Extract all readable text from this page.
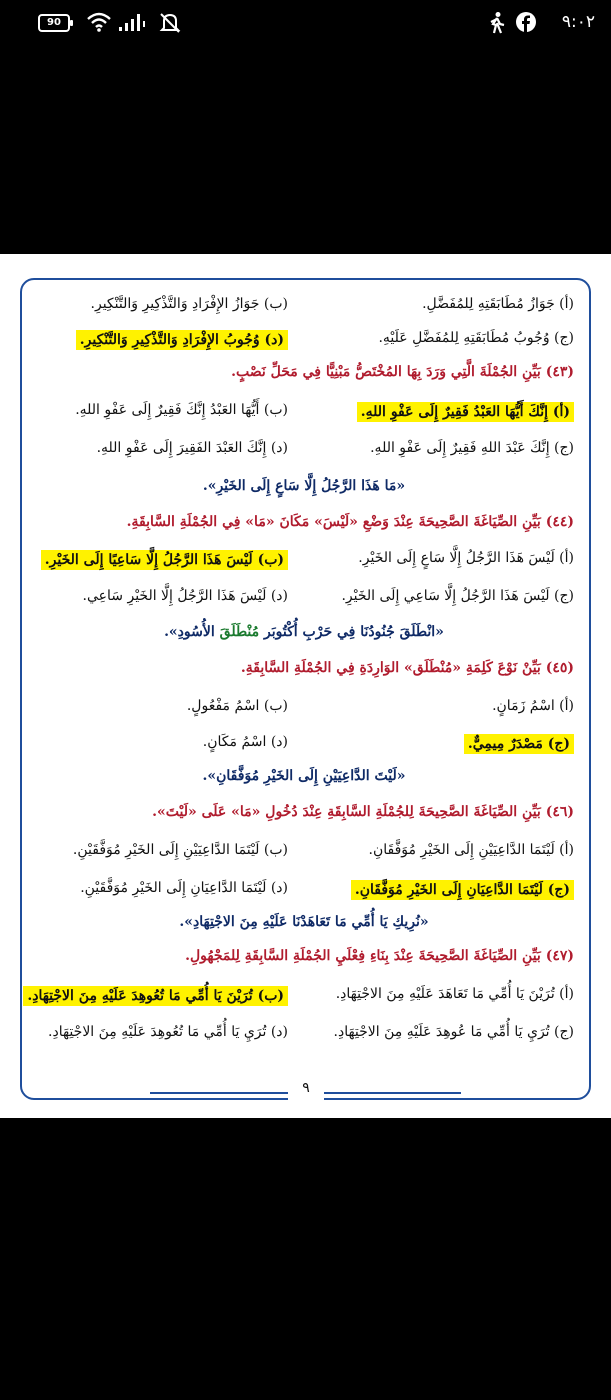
90	٩:٠٢
(أ) جَوَازُ مُطَابَقَتِهِ لِلمُفَضَّلِ.
(ب) جَوَازُ الإِفْرَادِ وَالتَّذْكِيرِ وَالتَّنْكِيرِ.
(ج) وُجُوبُ مُطَابَقَتِهِ لِلمُفَضَّلِ عَلَيْهِ.
(د) وُجُوبُ الإِفْرَادِ وَالتَّذْكِيرِ وَالتَّنْكِيرِ.
(٤٣) بَيِّنِ الجُمْلَةَ الَّتِي وَرَدَ بِهَا المُخْتَصُّ مَبْنِيًّا فِي مَحَلِّ نَصْبٍ.
(أ) إِنَّكَ أَيُّهَا العَبْدُ فَقِيرٌ إِلَى عَفْوِ اللهِ.
(ب) أَيُّهَا العَبْدُ إِنَّكَ فَقِيرٌ إِلَى عَفْوِ اللهِ.
(ج) إِنَّكَ عَبْدَ اللهِ فَقِيرٌ إِلَى عَفْوِ اللهِ.
(د) إِنَّكَ العَبْدَ الفَقِيرَ إِلَى عَفْوِ اللهِ.
«مَا هَذَا الرَّجُلُ إِلَّا سَاعٍ إِلَى الخَيْرِ».
(٤٤) بَيِّنِ الصِّيَاغَةَ الصَّحِيحَةَ عِنْدَ وَضْعِ «لَيْسَ» مَكَانَ «مَا» فِي الجُمْلَةِ السَّابِقَةِ.
(أ) لَيْسَ هَذَا الرَّجُلُ إِلَّا سَاعٍ إِلَى الخَيْرِ.
(ب) لَيْسَ هَذَا الرَّجُلُ إِلَّا سَاعِيًا إِلَى الخَيْرِ.
(ج) لَيْسَ هَذَا الرَّجُلُ إِلَّا سَاعِي إِلَى الخَيْرِ.
(د) لَيْسَ هَذَا الرَّجُلُ إِلَّا الخَيْرِ سَاعِي.
«انْطَلَقَ جُنُودُنَا فِي حَرْبِ أُكْتُوبَر مُنْطَلَقَ الأُسُودِ».
(٤٥) بَيِّنْ نَوْعَ كَلِمَةِ «مُنْطَلَق» الوَارِدَةِ فِي الجُمْلَةِ السَّابِقَةِ.
(أ) اسْمُ زَمَانٍ.
(ب) اسْمُ مَفْعُولٍ.
(ج) مَصْدَرٌ مِيمِيٌّ.
(د) اسْمُ مَكَانٍ.
«لَيْتَ الدَّاعِيَيْنِ إِلَى الخَيْرِ مُوَفَّقَانِ».
(٤٦) بَيِّنِ الصِّيَاغَةَ الصَّحِيحَةَ لِلجُمْلَةِ السَّابِقَةِ عِنْدَ دُخُولِ «مَا» عَلَى «لَيْتَ».
(أ) لَيْتَمَا الدَّاعِيَيْنِ إِلَى الخَيْرِ مُوَفَّقَانِ.
(ب) لَيْتَمَا الدَّاعِيَيْنِ إِلَى الخَيْرِ مُوَفَّقَيْنِ.
(ج) لَيْتَمَا الدَّاعِيَانِ إِلَى الخَيْرِ مُوَفَّقَانِ.
(د) لَيْتَمَا الدَّاعِيَانِ إِلَى الخَيْرِ مُوَفَّقَيْنِ.
«نُرِيكِ يَا أُمِّي مَا تَعَاهَدْنَا عَلَيْهِ مِنَ الاجْتِهَادِ».
(٤٧) بَيِّنِ الصِّيَاغَةَ الصَّحِيحَةَ عِنْدَ بِنَاءِ فِعْلَيِ الجُمْلَةِ السَّابِقَةِ لِلمَجْهُولِ.
(أ) تُرَيْنَ يَا أُمِّي مَا تَعَاهَدَ عَلَيْهِ مِنَ الاجْتِهَادِ.
(ب) تُرَيْنَ يَا أُمِّي مَا تُعُوهِدَ عَلَيْهِ مِنَ الاجْتِهَادِ.
(ج) تُرَيِ يَا أُمِّي مَا عُوهِدَ عَلَيْهِ مِنَ الاجْتِهَادِ.
(د) تُرَيِ يَا أُمِّي مَا تُعُوهِدَ عَلَيْهِ مِنَ الاجْتِهَادِ.
٩
